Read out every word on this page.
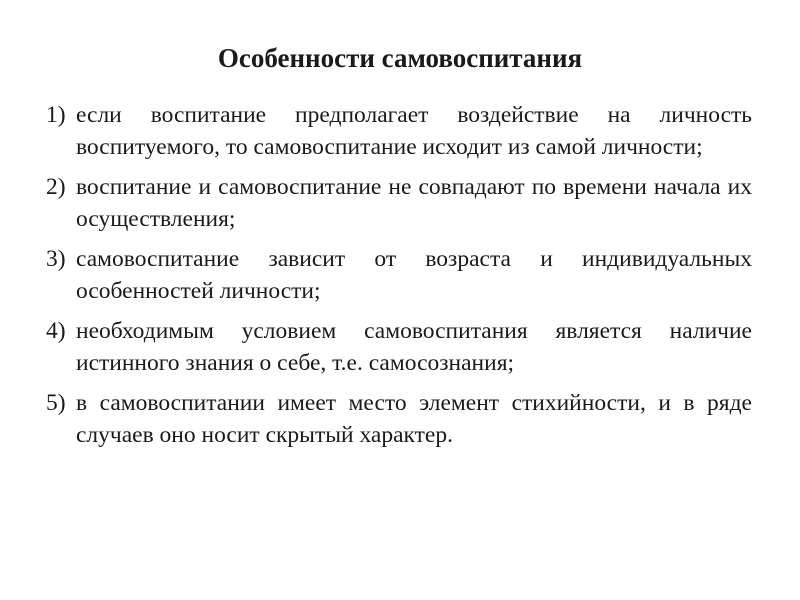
Особенности самовоспитания
1) если воспитание предполагает воздействие на личность воспитуемого, то самовоспитание исходит из самой личности;
2) воспитание и самовоспитание не совпадают по времени начала их осуществления;
3) самовоспитание зависит от возраста и индивидуальных особенностей личности;
4) необходимым условием самовоспитания является наличие истинного знания о себе, т.е. самосознания;
5) в самовоспитании имеет место элемент стихийности, и в ряде случаев оно носит скрытый характер.
